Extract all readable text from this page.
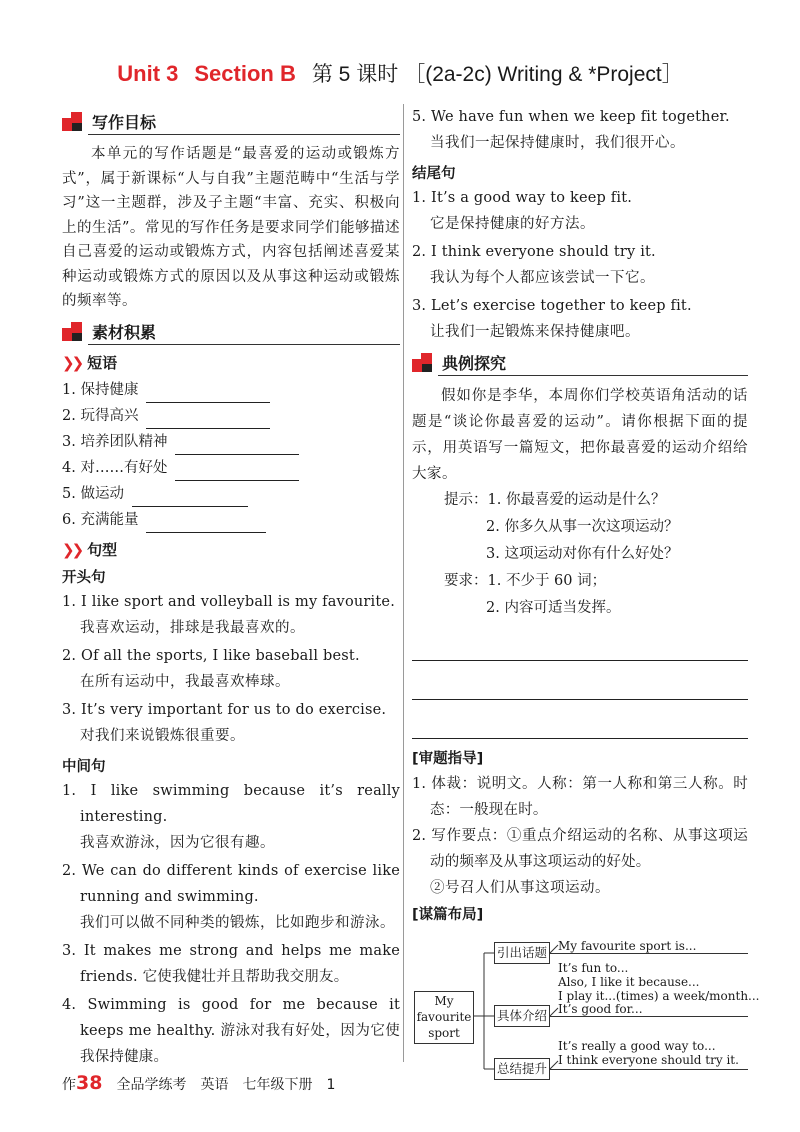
Unit 3 Section B 第 5 课时 ［(2a-2c) Writing & *Project］
写作目标
本单元的写作话题是“最喜爱的运动或锻炼方式”，属于新课标“人与自我”主题范畴中“生活与学习”这一主题群，涉及子主题“丰富、充实、积极向上的生活”。常见的写作任务是要求同学们能够描述自己喜爱的运动或锻炼方式，内容包括阐述喜爱某种运动或锻炼方式的原因以及从事这种运动或锻炼的频率等。
素材积累
❯❯ 短语
1. 保持健康
2. 玩得高兴
3. 培养团队精神
4. 对……有好处
5. 做运动
6. 充满能量
❯❯ 句型
开头句
1. I like sport and volleyball is my favourite.
我喜欢运动，排球是我最喜欢的。
2. Of all the sports, I like baseball best.
在所有运动中，我最喜欢棒球。
3. It’s very important for us to do exercise.
对我们来说锻炼很重要。
中间句
1. I like swimming because it’s really interesting.
我喜欢游泳，因为它很有趣。
2. We can do different kinds of exercise like running and swimming.
我们可以做不同种类的锻炼，比如跑步和游泳。
3. It makes me strong and helps me make friends. 它使我健壮并且帮助我交朋友。
4. Swimming is good for me because it keeps me healthy. 游泳对我有好处，因为它使我保持健康。
5. We have fun when we keep fit together.
当我们一起保持健康时，我们很开心。
结尾句
1. It’s a good way to keep fit.
它是保持健康的好方法。
2. I think everyone should try it.
我认为每个人都应该尝试一下它。
3. Let’s exercise together to keep fit.
让我们一起锻炼来保持健康吧。
典例探究
假如你是李华，本周你们学校英语角活动的话题是“谈论你最喜爱的运动”。请你根据下面的提示，用英语写一篇短文，把你最喜爱的运动介绍给大家。
提示：1. 你最喜爱的运动是什么？
2. 你多久从事一次这项运动？
3. 这项运动对你有什么好处？
要求：1. 不少于 60 词；
2. 内容可适当发挥。
[审题指导]
1. 体裁：说明文。人称：第一人称和第三人称。时态：一般现在时。
2. 写作要点：①重点介绍运动的名称、从事这项运动的频率及从事这项运动的好处。
②号召人们从事这项运动。
[谋篇布局]
My favourite sport
引出话题
具体介绍
总结提升
My favourite sport is...
It’s fun to...
Also, I like it because...
I play it...(times) a week/month...
It’s good for...
It’s really a good way to...
I think everyone should try it.
作38 全品学练考 英语 七年级下册 1
